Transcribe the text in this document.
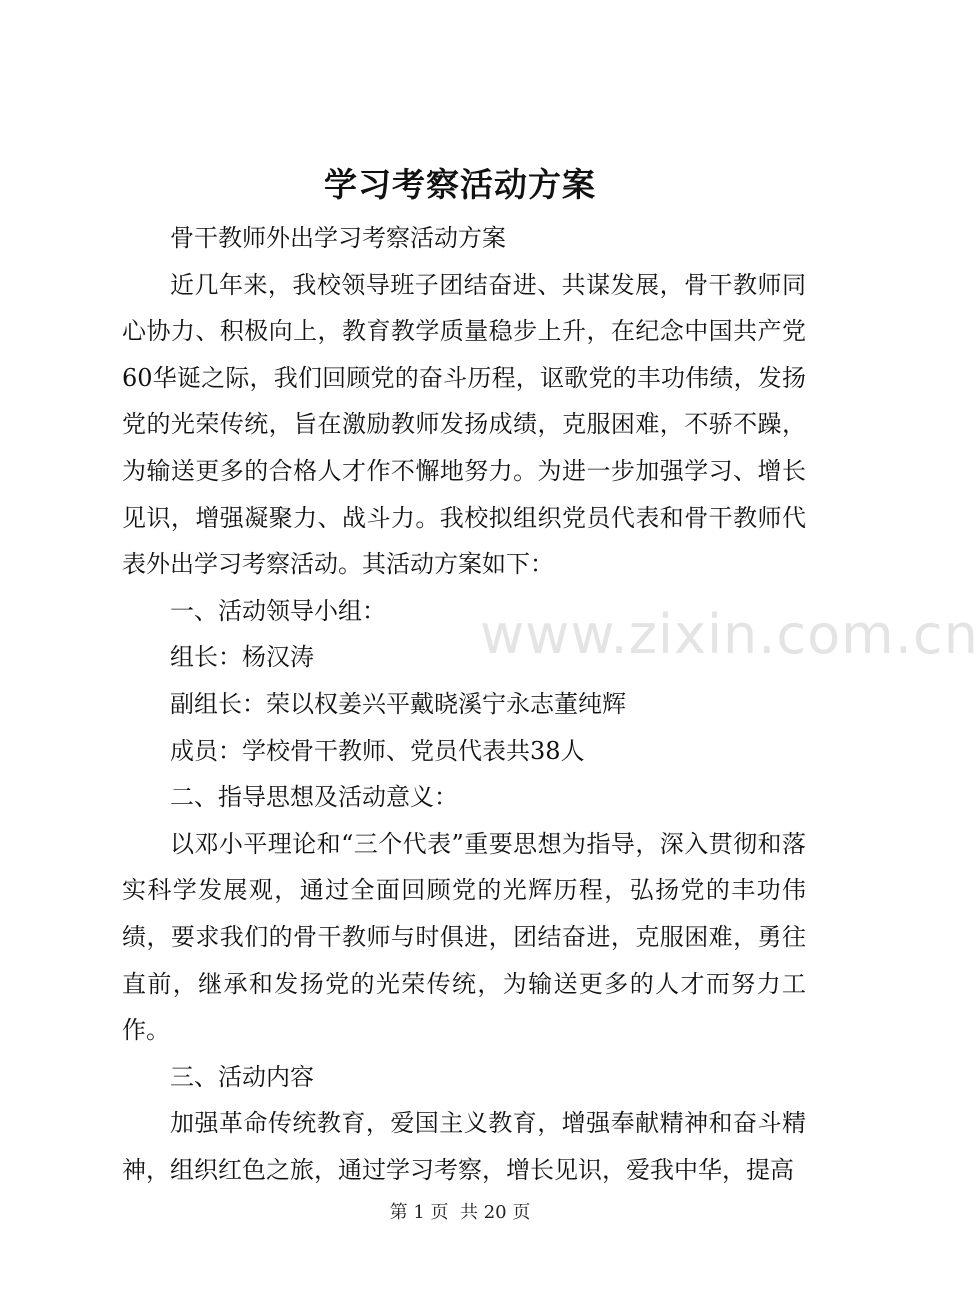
学习考察活动方案

骨干教师外出学习考察活动方案

近几年来，我校领导班子团结奋进、共谋发展，骨干教师同心协力、积极向上，教育教学质量稳步上升，在纪念中国共产党60华诞之际，我们回顾党的奋斗历程，讴歌党的丰功伟绩，发扬党的光荣传统，旨在激励教师发扬成绩，克服困难，不骄不躁，为输送更多的合格人才作不懈地努力。为进一步加强学习、增长见识，增强凝聚力、战斗力。我校拟组织党员代表和骨干教师代表外出学习考察活动。其活动方案如下：

一、活动领导小组：

组长：杨汉涛

副组长：荣以权姜兴平戴晓溪宁永志董纯辉

成员：学校骨干教师、党员代表共38人

二、指导思想及活动意义：

以邓小平理论和“三个代表”重要思想为指导，深入贯彻和落实科学发展观，通过全面回顾党的光辉历程，弘扬党的丰功伟绩，要求我们的骨干教师与时俱进，团结奋进，克服困难，勇往直前，继承和发扬党的光荣传统，为输送更多的人才而努力工作。

三、活动内容

加强革命传统教育，爱国主义教育，增强奉献精神和奋斗精神，组织红色之旅，通过学习考察，增长见识，爱我中华，提高

www.zixin.com.cn
第 1 页  共 20 页
